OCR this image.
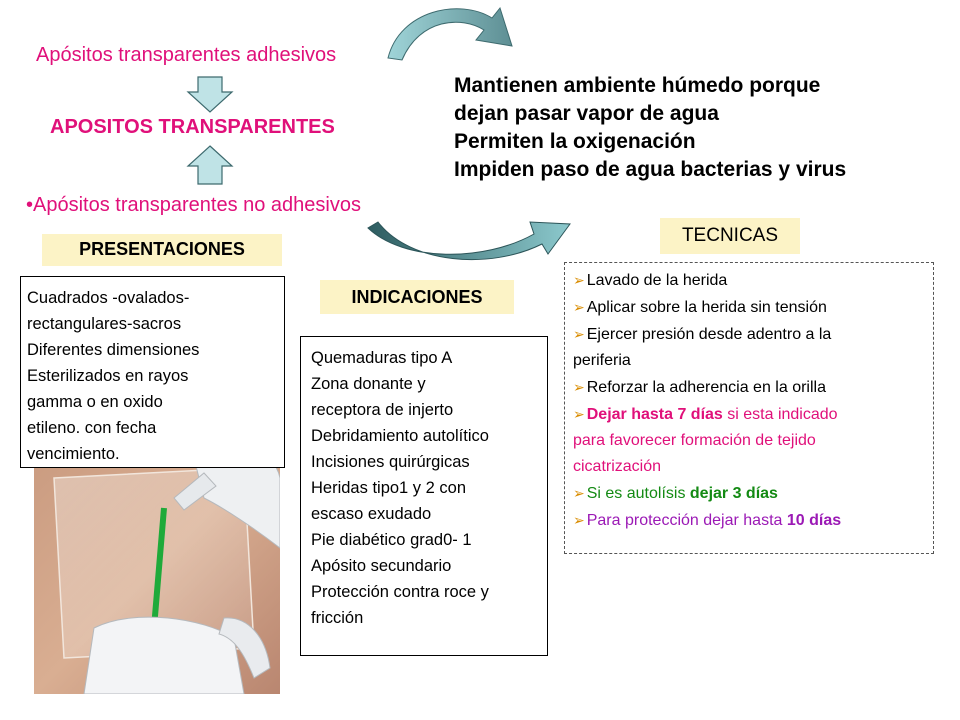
Apósitos transparentes adhesivos
APOSITOS TRANSPARENTES
•Apósitos transparentes no adhesivos
Mantienen ambiente húmedo porque
dejan pasar vapor de agua
Permiten la oxigenación
Impiden paso de agua bacterias y virus
TECNICAS
PRESENTACIONES
INDICACIONES
Cuadrados -ovalados-
rectangulares-sacros
Diferentes dimensiones
Esterilizados en rayos
gamma o en oxido
etileno. con fecha
vencimiento.
Quemaduras tipo A
Zona donante y
receptora de injerto
Debridamiento autolítico
Incisiones quirúrgicas
Heridas tipo1 y 2 con
escaso exudado
Pie diabético grad0- 1
Apósito secundario
Protección contra roce y
fricción
➢ Lavado de la herida
➢ Aplicar sobre la herida sin tensión
➢ Ejercer presión desde adentro a la
periferia
➢ Reforzar la adherencia en la orilla
➢ Dejar hasta 7 días si esta indicado
para favorecer formación de tejido
cicatrización
➢ Si es autolísis dejar 3 días
➢ Para protección dejar hasta 10 días
